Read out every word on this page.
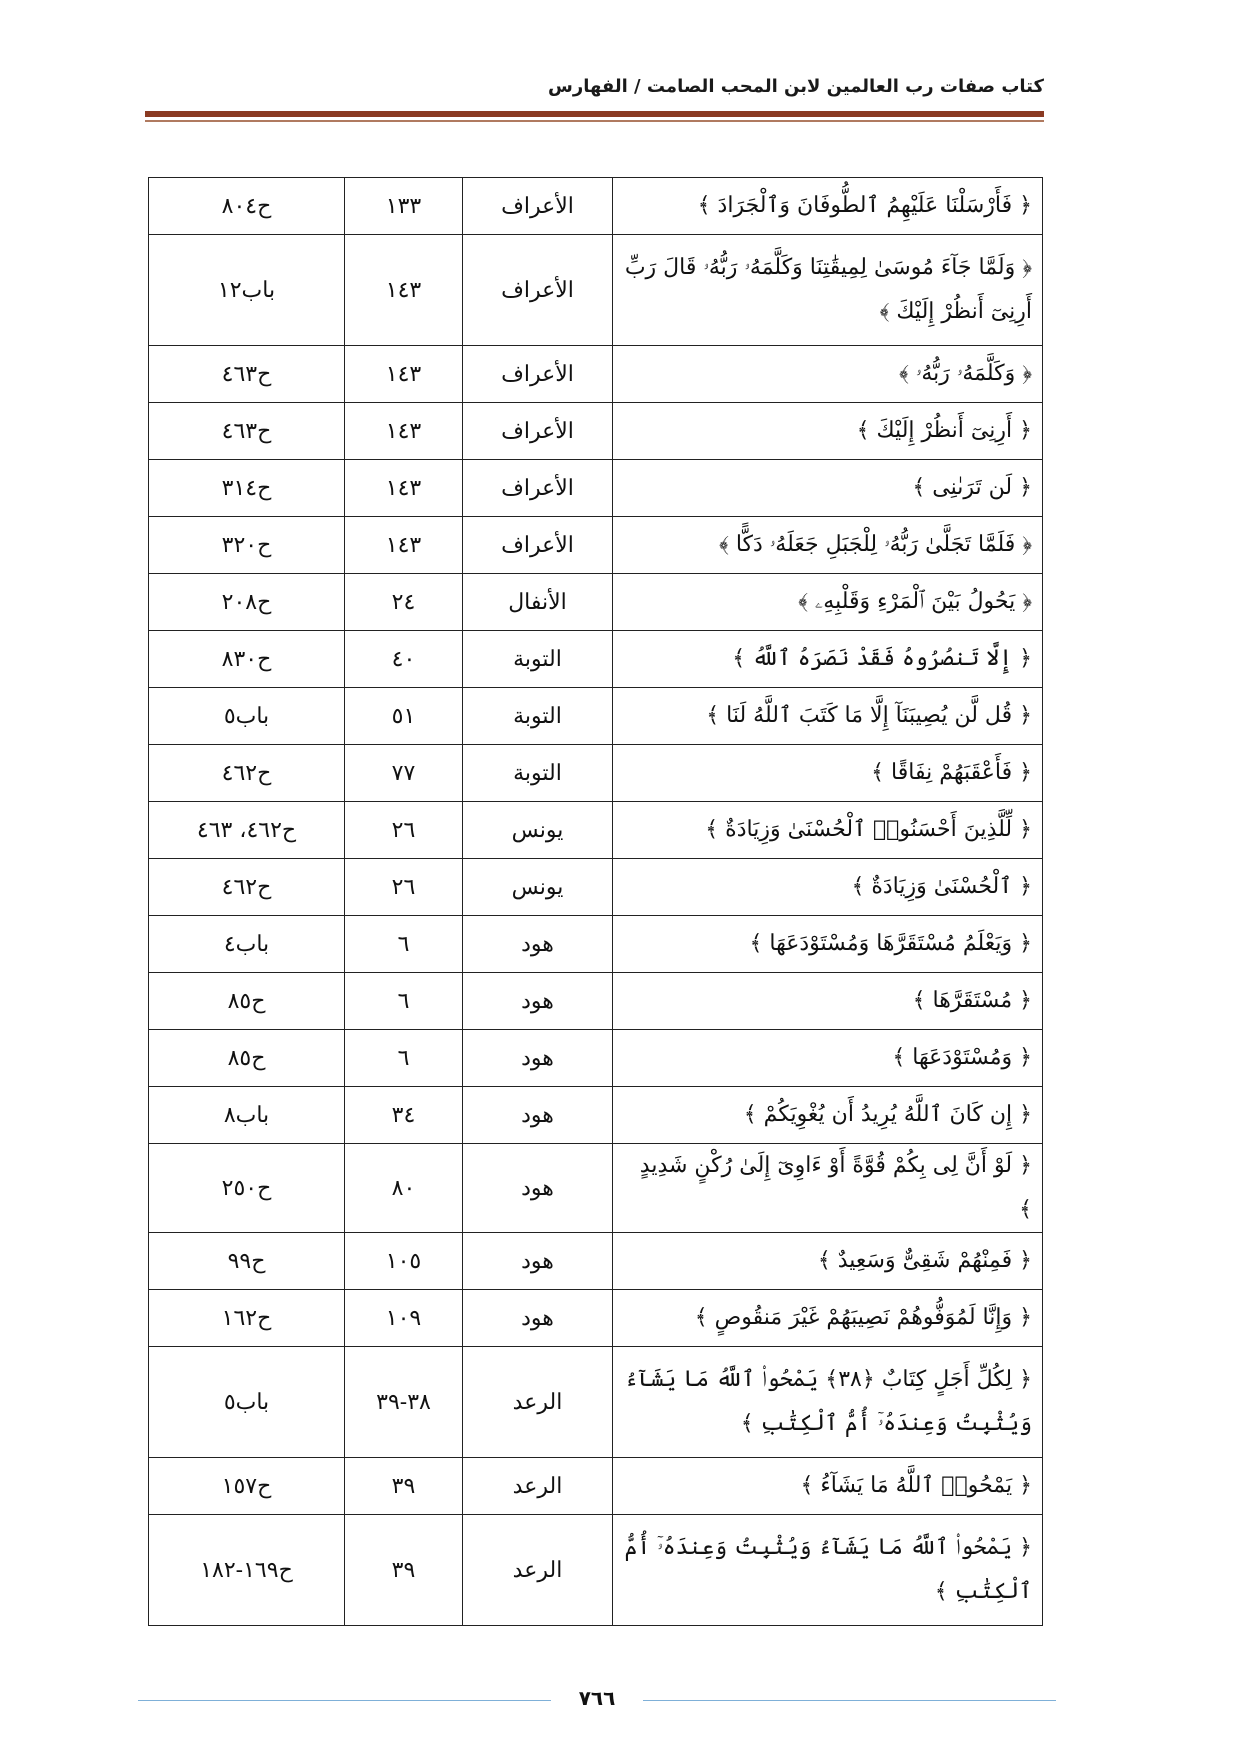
كتاب صفات رب العالمين لابن المحب الصامت / الفهارس
﴿ فَأَرْسَلْنَا عَلَيْهِمُ ٱلطُّوفَانَ وَٱلْجَرَادَ ﴾	الأعراف	١٣٣	ح٨٠٤
﴿ وَلَمَّا جَآءَ مُوسَىٰ لِمِيقَٰتِنَا وَكَلَّمَهُۥ رَبُّهُۥ قَالَ رَبِّ أَرِنِىٓ أَنظُرْ إِلَيْكَ ﴾	الأعراف	١٤٣	باب١٢
﴿ وَكَلَّمَهُۥ رَبُّهُۥ ﴾	الأعراف	١٤٣	ح٤٦٣
﴿ أَرِنِىٓ أَنظُرْ إِلَيْكَ ﴾	الأعراف	١٤٣	ح٤٦٣
﴿ لَن تَرَىٰنِى ﴾	الأعراف	١٤٣	ح٣١٤
﴿ فَلَمَّا تَجَلَّىٰ رَبُّهُۥ لِلْجَبَلِ جَعَلَهُۥ دَكًّا ﴾	الأعراف	١٤٣	ح٣٢٠
﴿ يَحُولُ بَيْنَ ٱلْمَرْءِ وَقَلْبِهِۦ ﴾	الأنفال	٢٤	ح٢٠٨
﴿ إِلَّا تَنصُرُوهُ فَقَدْ نَصَرَهُ ٱللَّهُ ﴾	التوبة	٤٠	ح٨٣٠
﴿ قُل لَّن يُصِيبَنَآ إِلَّا مَا كَتَبَ ٱللَّهُ لَنَا ﴾	التوبة	٥١	باب٥
﴿ فَأَعْقَبَهُمْ نِفَاقًا ﴾	التوبة	٧٧	ح٤٦٢
﴿ لِّلَّذِينَ أَحْسَنُوا۟ ٱلْحُسْنَىٰ وَزِيَادَةٌ ﴾	يونس	٢٦	ح٤٦٢، ٤٦٣
﴿ ٱلْحُسْنَىٰ وَزِيَادَةٌ ﴾	يونس	٢٦	ح٤٦٢
﴿ وَيَعْلَمُ مُسْتَقَرَّهَا وَمُسْتَوْدَعَهَا ﴾	هود	٦	باب٤
﴿ مُسْتَقَرَّهَا ﴾	هود	٦	ح٨٥
﴿ وَمُسْتَوْدَعَهَا ﴾	هود	٦	ح٨٥
﴿ إِن كَانَ ٱللَّهُ يُرِيدُ أَن يُغْوِيَكُمْ ﴾	هود	٣٤	باب٨
﴿ لَوْ أَنَّ لِى بِكُمْ قُوَّةً أَوْ ءَاوِىٓ إِلَىٰ رُكْنٍ شَدِيدٍ ﴾	هود	٨٠	ح٢٥٠
﴿ فَمِنْهُمْ شَقِىٌّ وَسَعِيدٌ ﴾	هود	١٠٥	ح٩٩
﴿ وَإِنَّا لَمُوَفُّوهُمْ نَصِيبَهُمْ غَيْرَ مَنقُوصٍ ﴾	هود	١٠٩	ح١٦٢
﴿ لِكُلِّ أَجَلٍ كِتَابٌ ﴿٣٨﴾ يَمْحُوا۟ ٱللَّهُ مَا يَشَآءُ وَيُثْبِتُ وَعِندَهُۥٓ أُمُّ ٱلْكِتَٰبِ ﴾	الرعد	٣٨-٣٩	باب٥
﴿ يَمْحُوا۟ ٱللَّهُ مَا يَشَآءُ ﴾	الرعد	٣٩	ح١٥٧
﴿ يَمْحُوا۟ ٱللَّهُ مَا يَشَآءُ وَيُثْبِتُ وَعِندَهُۥٓ أُمُّ ٱلْكِتَٰبِ ﴾	الرعد	٣٩	ح١٦٩-١٨٢
٧٦٦
